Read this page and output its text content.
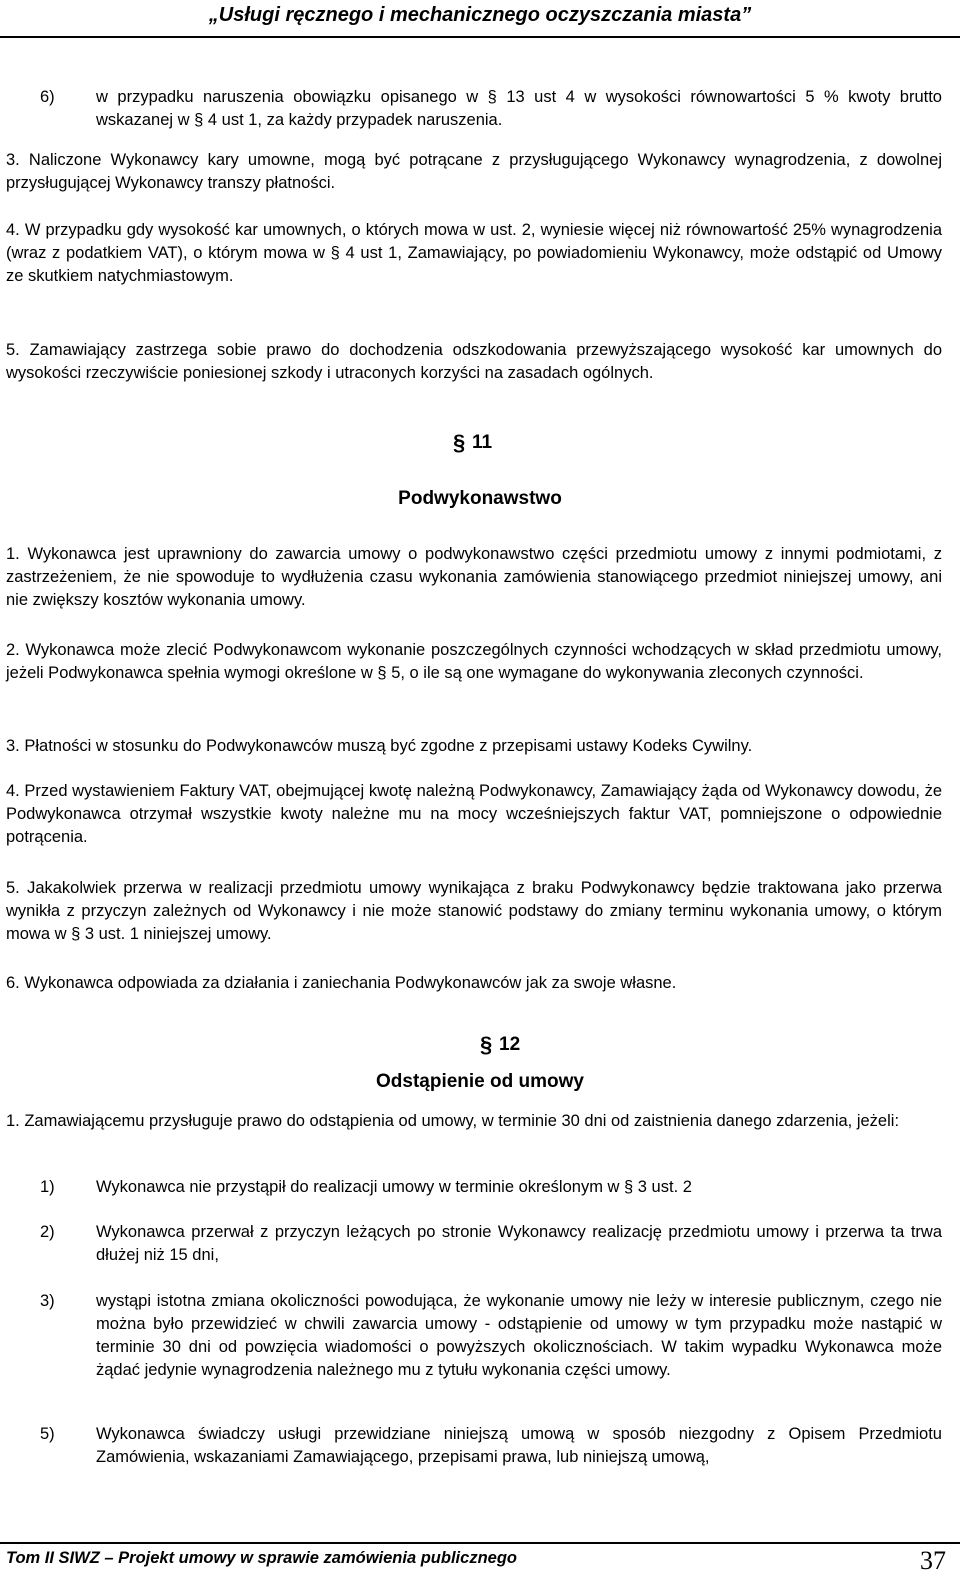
„Usługi ręcznego i mechanicznego oczyszczania miasta”
6)	w przypadku naruszenia obowiązku opisanego w § 13 ust 4 w wysokości równowartości 5 % kwoty brutto wskazanej w § 4 ust 1, za każdy przypadek naruszenia.
3. Naliczone Wykonawcy kary umowne, mogą być potrącane z przysługującego Wykonawcy wynagrodzenia, z dowolnej przysługującej Wykonawcy transzy płatności.
4. W przypadku gdy wysokość kar umownych, o których mowa w ust. 2, wyniesie więcej niż równowartość 25% wynagrodzenia (wraz z podatkiem VAT), o którym mowa w § 4 ust 1, Zamawiający, po powiadomieniu Wykonawcy, może odstąpić od Umowy ze skutkiem natychmiastowym.
5. Zamawiający zastrzega sobie prawo do dochodzenia odszkodowania przewyższającego wysokość kar umownych do wysokości rzeczywiście poniesionej szkody i utraconych korzyści na zasadach ogólnych.
§ 11
Podwykonawstwo
1. Wykonawca jest uprawniony do zawarcia umowy o podwykonawstwo części przedmiotu umowy z innymi podmiotami, z zastrzeżeniem, że nie spowoduje to wydłużenia czasu wykonania zamówienia stanowiącego przedmiot niniejszej umowy, ani nie zwiększy kosztów wykonania umowy.
2. Wykonawca może zlecić Podwykonawcom wykonanie poszczególnych czynności wchodzących w skład przedmiotu umowy, jeżeli Podwykonawca spełnia wymogi określone w § 5, o ile są one wymagane do wykonywania zleconych czynności.
3. Płatności w stosunku do Podwykonawców muszą być zgodne z przepisami ustawy Kodeks Cywilny.
4. Przed wystawieniem Faktury VAT, obejmującej kwotę należną Podwykonawcy, Zamawiający żąda od Wykonawcy dowodu, że Podwykonawca otrzymał wszystkie kwoty należne mu na mocy wcześniejszych faktur VAT, pomniejszone o odpowiednie potrącenia.
5. Jakakolwiek przerwa w realizacji przedmiotu umowy wynikająca z braku Podwykonawcy będzie traktowana jako przerwa wynikła z przyczyn zależnych od Wykonawcy i nie może stanowić podstawy do zmiany terminu wykonania umowy, o którym mowa w § 3 ust. 1 niniejszej umowy.
6. Wykonawca odpowiada za działania i zaniechania Podwykonawców jak za swoje własne.
§ 12
Odstąpienie od umowy
1. Zamawiającemu przysługuje prawo do odstąpienia od umowy, w terminie 30 dni od zaistnienia danego zdarzenia, jeżeli:
1)	Wykonawca nie przystąpił do realizacji umowy w terminie określonym w § 3 ust. 2
2)	Wykonawca przerwał z przyczyn leżących po stronie Wykonawcy realizację przedmiotu umowy i przerwa ta trwa dłużej niż 15 dni,
3)	wystąpi istotna zmiana okoliczności powodująca, że wykonanie umowy nie leży w interesie publicznym, czego nie można było przewidzieć w chwili zawarcia umowy - odstąpienie od umowy w tym przypadku może nastąpić w terminie 30 dni od powzięcia wiadomości o powyższych okolicznościach. W takim wypadku Wykonawca może żądać jedynie wynagrodzenia należnego mu z tytułu wykonania części umowy.
5)	Wykonawca świadczy usługi przewidziane niniejszą umową w sposób niezgodny z Opisem Przedmiotu Zamówienia, wskazaniami Zamawiającego, przepisami prawa, lub niniejszą umową,
Tom II SIWZ – Projekt umowy w sprawie zamówienia publicznego	37
